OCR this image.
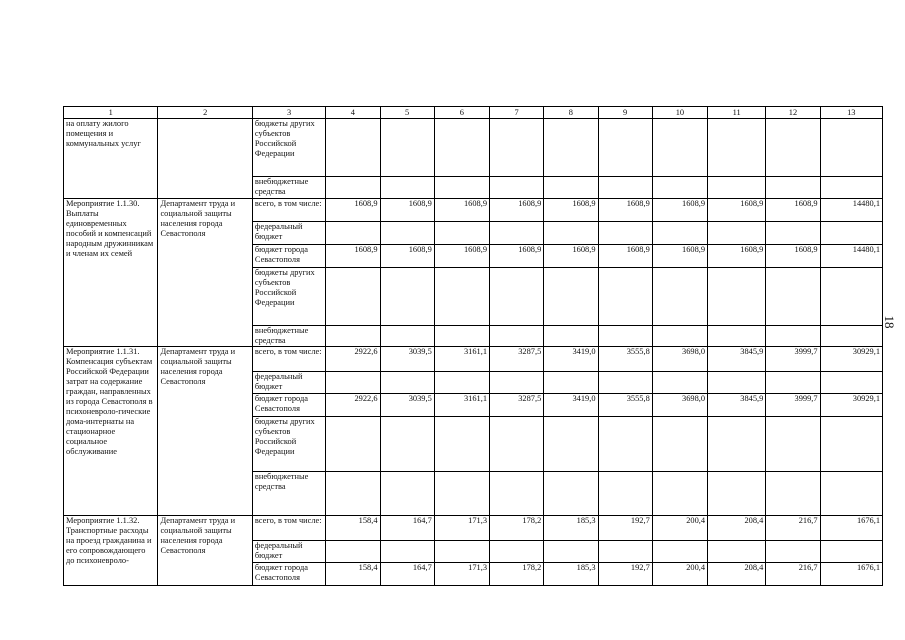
18
1	2	3	4	5	6	7	8	9	10	11	12	13
на оплату жилого помещения и коммунальных услуг		бюджеты других субъектов Российской Федерации										
		внебюджетные средства										
Мероприятие 1.1.30. Выплаты единовременных пособий и компенсаций народным дружинникам и членам их семей	Департамент труда и социальной защиты населения города Севастополя	всего, в том числе:	1608,9	1608,9	1608,9	1608,9	1608,9	1608,9	1608,9	1608,9	1608,9	14480,1
		федеральный бюджет										
		бюджет города Севастополя	1608,9	1608,9	1608,9	1608,9	1608,9	1608,9	1608,9	1608,9	1608,9	14480,1
		бюджеты других субъектов Российской Федерации										
		внебюджетные средства										
Мероприятие 1.1.31. Компенсация субъектам Российской Федерации затрат на содержание граждан, направленных из города Севастополя в психоневроло-гические дома-интернаты на стационарное социальное обслуживание	Департамент труда и социальной защиты населения города Севастополя	всего, в том числе:	2922,6	3039,5	3161,1	3287,5	3419,0	3555,8	3698,0	3845,9	3999,7	30929,1
		федеральный бюджет										
		бюджет города Севастополя	2922,6	3039,5	3161,1	3287,5	3419,0	3555,8	3698,0	3845,9	3999,7	30929,1
		бюджеты других субъектов Российской Федерации										
		внебюджетные средства										
Мероприятие 1.1.32. Транспортные расходы на проезд гражданина и его сопровождающего до психоневроло-	Департамент труда и социальной защиты населения города Севастополя	всего, в том числе:	158,4	164,7	171,3	178,2	185,3	192,7	200,4	208,4	216,7	1676,1
		федеральный бюджет										
		бюджет города Севастополя	158,4	164,7	171,3	178,2	185,3	192,7	200,4	208,4	216,7	1676,1
